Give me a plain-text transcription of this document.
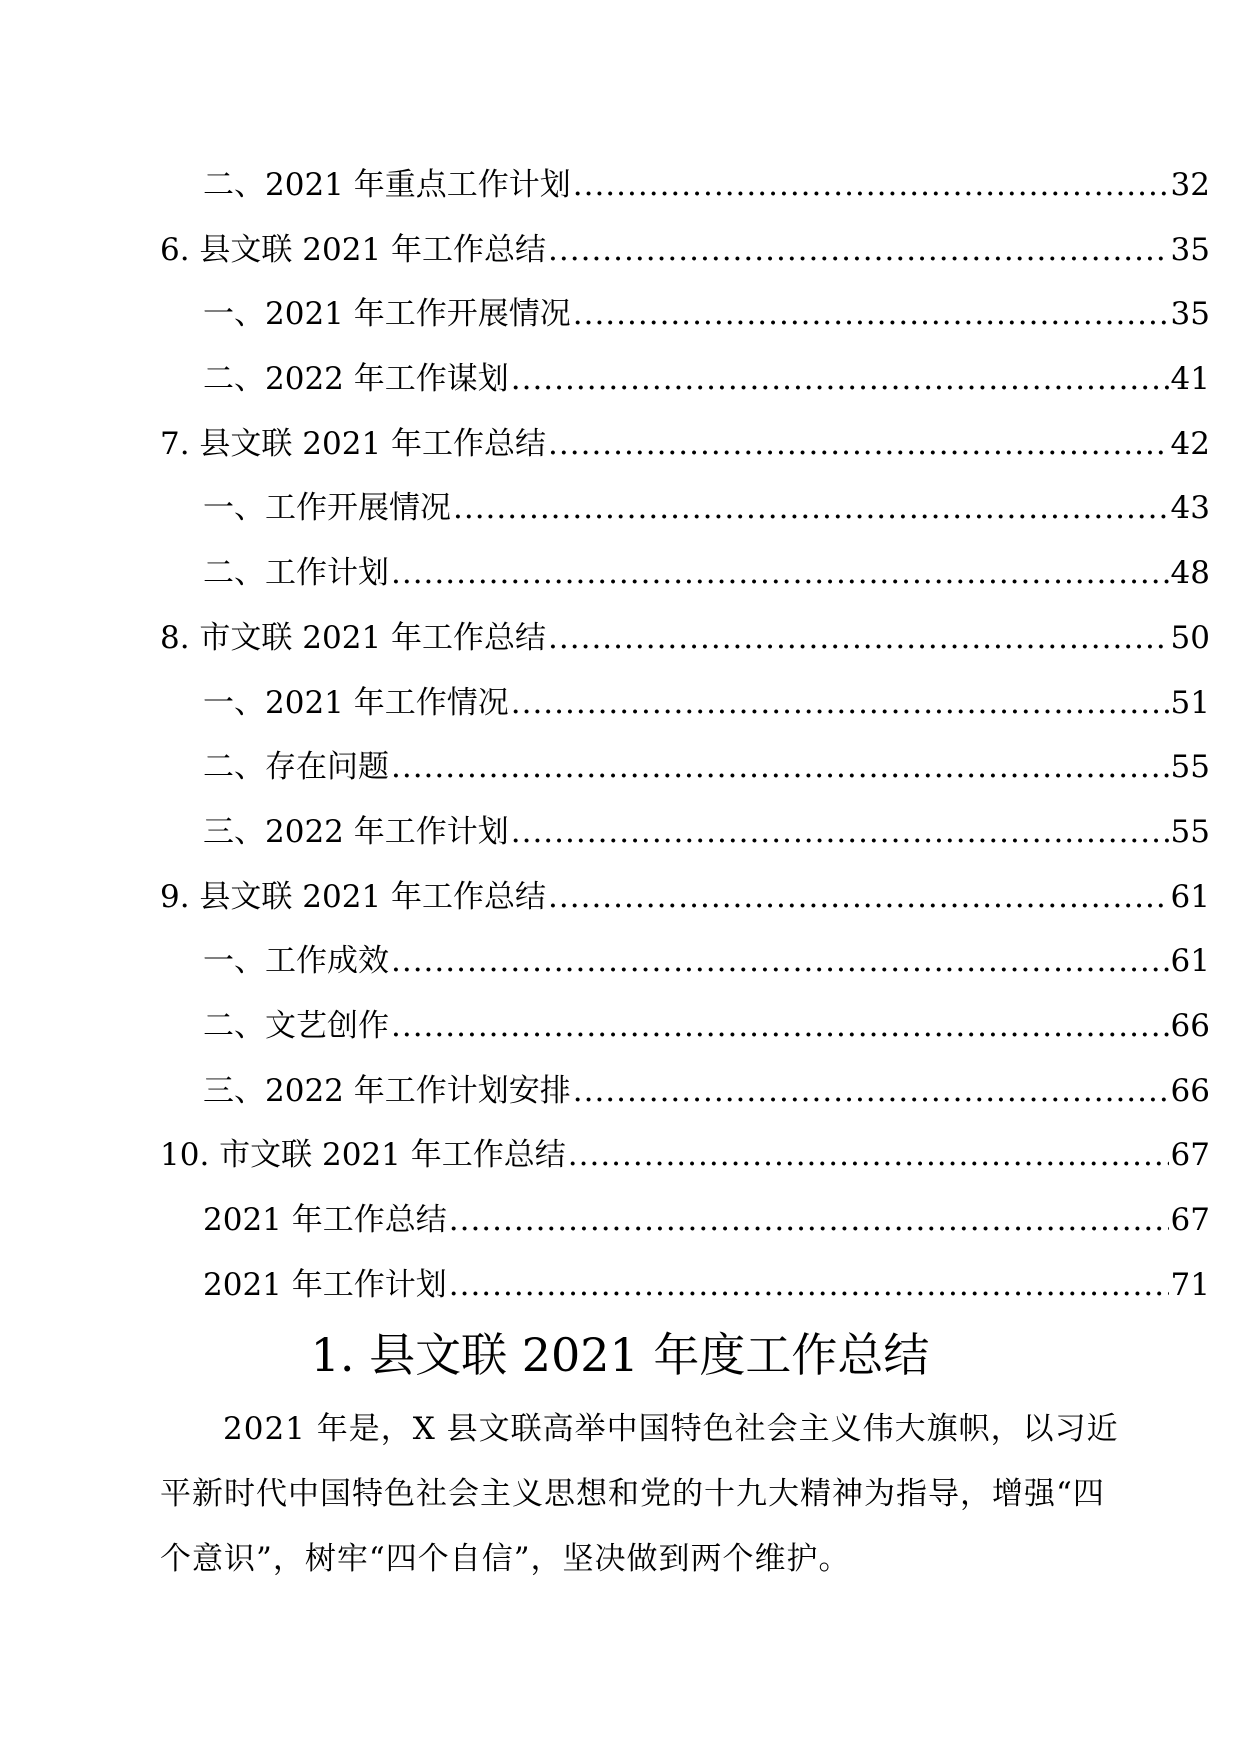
二、2021 年重点工作计划 .....	32
6. 县文联 2021 年工作总结 .....	35
一、2021 年工作开展情况 .....	35
二、2022 年工作谋划 .....	41
7. 县文联 2021 年工作总结 .....	42
一、工作开展情况 .....	43
二、工作计划 .....	48
8. 市文联 2021 年工作总结 .....	50
一、2021 年工作情况 .....	51
二、存在问题 .....	55
三、2022 年工作计划 .....	55
9. 县文联 2021 年工作总结 .....	61
一、工作成效 .....	61
二、文艺创作 .....	66
三、2022 年工作计划安排 .....	66
10. 市文联 2021 年工作总结 .....	67
2021 年工作总结 .....	67
2021 年工作计划 .....	71
1. 县文联 2021 年度工作总结

2021 年是，X 县文联高举中国特色社会主义伟大旗帜，以习近平新时代中国特色社会主义思想和党的十九大精神为指导，增强“四个意识”，树牢“四个自信”，坚决做到两个维护。
